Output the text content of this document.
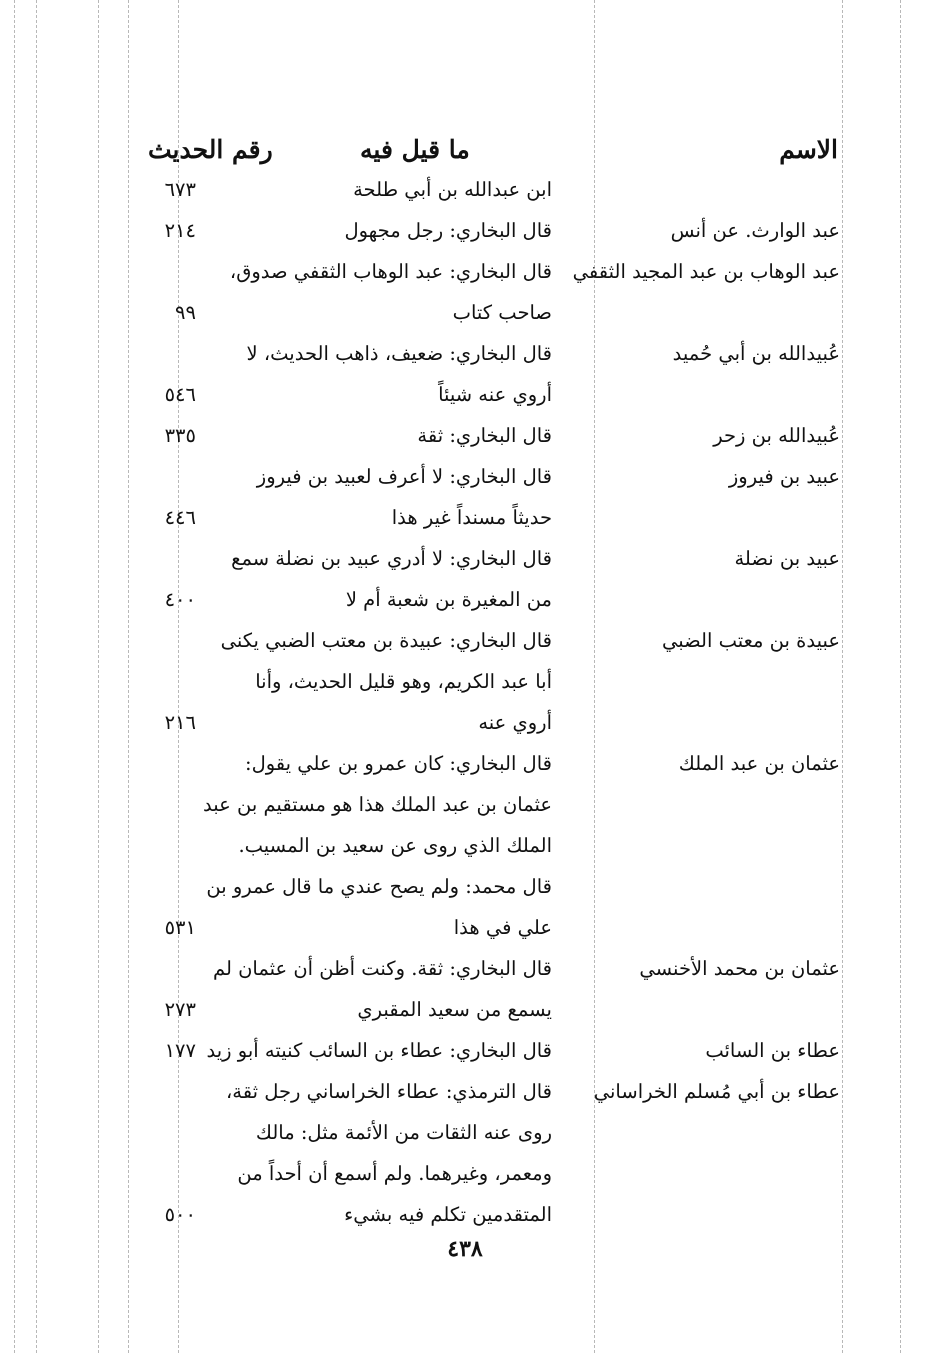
الاسم
ما قيل فيه
رقم الحديث
ابن عبدالله بن أبي طلحة
٦٧٣
عبد الوارث. عن أنس
قال البخاري: رجل مجهول
٢١٤
عبد الوهاب بن عبد المجيد الثقفي
قال البخاري: عبد الوهاب الثقفي صدوق،
صاحب كتاب
٩٩
عُبيدالله بن أبي حُميد
قال البخاري: ضعيف، ذاهب الحديث، لا
أروي عنه شيئاً
٥٤٦
عُبيدالله بن زحر
قال البخاري: ثقة
٣٣٥
عبيد بن فيروز
قال البخاري: لا أعرف لعبيد بن فيروز
حديثاً مسنداً غير هذا
٤٤٦
عبيد بن نضلة
قال البخاري: لا أدري عبيد بن نضلة سمع
من المغيرة بن شعبة أم لا
٤٠٠
عبيدة بن معتب الضبي
قال البخاري: عبيدة بن معتب الضبي يكنى
أبا عبد الكريم، وهو قليل الحديث، وأنا
أروي عنه
٢١٦
عثمان بن عبد الملك
قال البخاري: كان عمرو بن علي يقول:
عثمان بن عبد الملك هذا هو مستقيم بن عبد
الملك الذي روى عن سعيد بن المسيب.
قال محمد: ولم يصح عندي ما قال عمرو بن
علي في هذا
٥٣١
عثمان بن محمد الأخنسي
قال البخاري: ثقة. وكنت أظن أن عثمان لم
يسمع من سعيد المقبري
٢٧٣
عطاء بن السائب
قال البخاري: عطاء بن السائب كنيته أبو زيد
١٧٧
عطاء بن أبي مُسلم الخراساني
قال الترمذي: عطاء الخراساني رجل ثقة،
روى عنه الثقات من الأئمة مثل: مالك
ومعمر، وغيرهما. ولم أسمع أن أحداً من
المتقدمين تكلم فيه بشيء
٥٠٠
٤٣٨
